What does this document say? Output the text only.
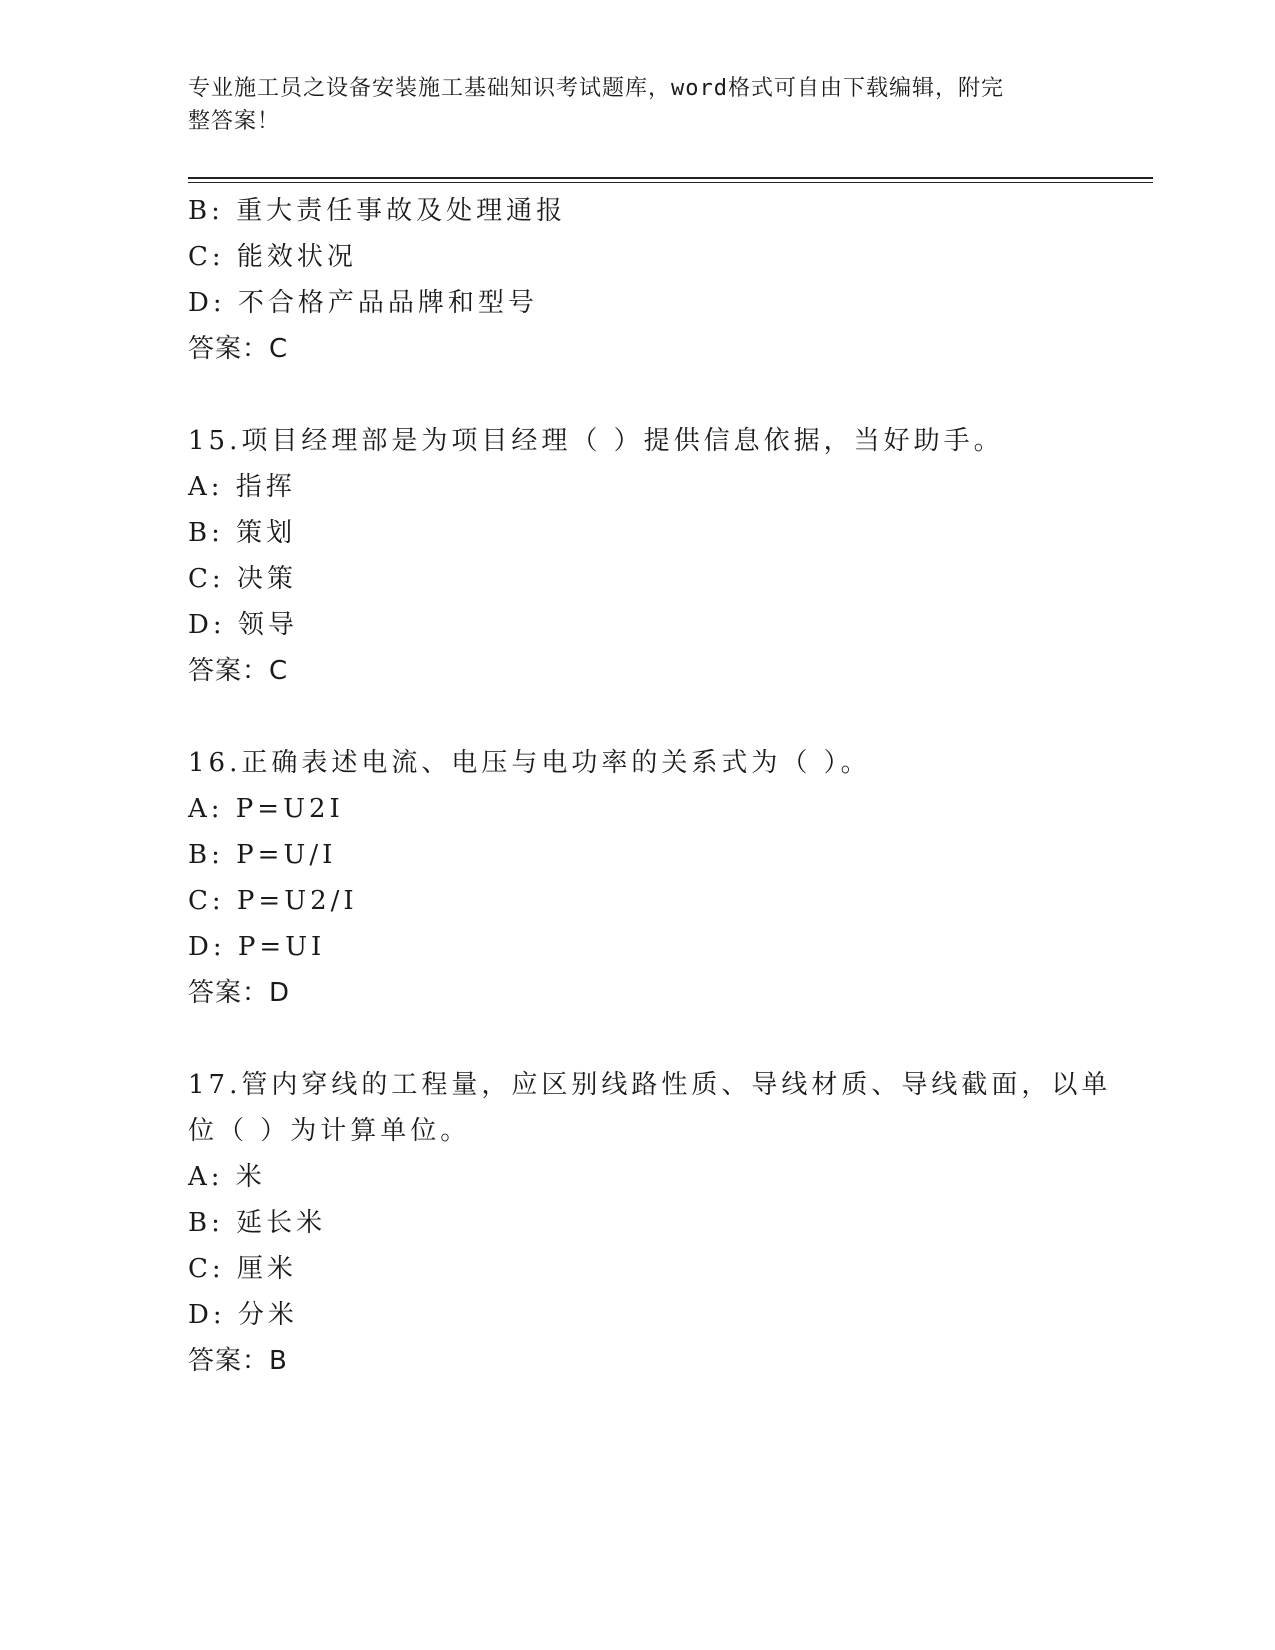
专业施工员之设备安装施工基础知识考试题库，word格式可自由下载编辑，附完
整答案！
B: 重大责任事故及处理通报
C: 能效状况
D: 不合格产品品牌和型号
答案：C
15.项目经理部是为项目经理（ ）提供信息依据，当好助手。
A: 指挥
B: 策划
C: 决策
D: 领导
答案：C
16.正确表述电流、电压与电功率的关系式为（ ）。
A: P=U2I
B: P=U/I
C: P=U2/I
D: P=UI
答案：D
17.管内穿线的工程量，应区别线路性质、导线材质、导线截面，以单
位（ ）为计算单位。
A: 米
B: 延长米
C: 厘米
D: 分米
答案：B
